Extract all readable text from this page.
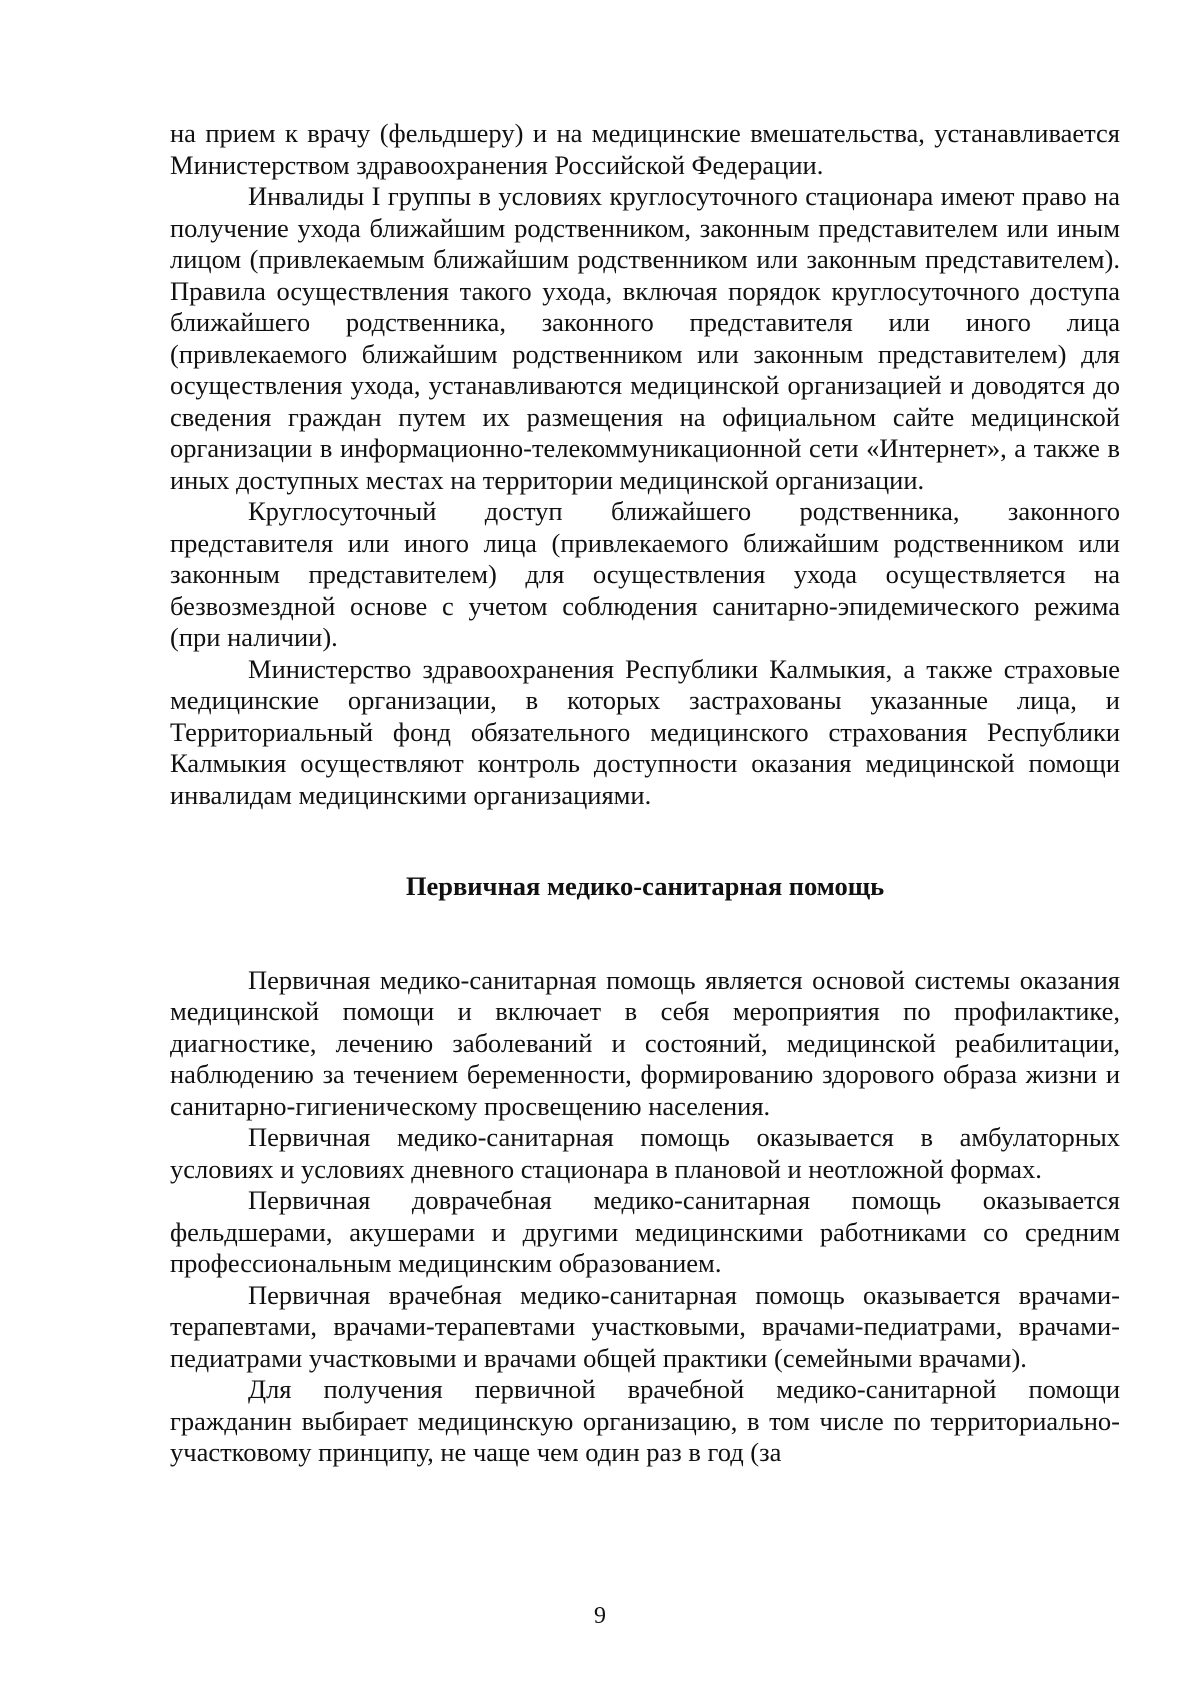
на прием к врачу (фельдшеру) и на медицинские вмешательства, устанавливается Министерством здравоохранения Российской Федерации.

Инвалиды I группы в условиях круглосуточного стационара имеют право на получение ухода ближайшим родственником, законным представителем или иным лицом (привлекаемым ближайшим родственником или законным представителем). Правила осуществления такого ухода, включая порядок круглосуточного доступа ближайшего родственника, законного представителя или иного лица (привлекаемого ближайшим родственником или законным представителем) для осуществления ухода, устанавливаются медицинской организацией и доводятся до сведения граждан путем их размещения на официальном сайте медицинской организации в информационно-телекоммуникационной сети «Интернет», а также в иных доступных местах на территории медицинской организации.

Круглосуточный доступ ближайшего родственника, законного представителя или иного лица (привлекаемого ближайшим родственником или законным представителем) для осуществления ухода осуществляется на безвозмездной основе с учетом соблюдения санитарно-эпидемического режима (при наличии).

Министерство здравоохранения Республики Калмыкия, а также страховые медицинские организации, в которых застрахованы указанные лица, и Территориальный фонд обязательного медицинского страхования Республики Калмыкия осуществляют контроль доступности оказания медицинской помощи инвалидам медицинскими организациями.

Первичная медико-санитарная помощь

Первичная медико-санитарная помощь является основой системы оказания медицинской помощи и включает в себя мероприятия по профилактике, диагностике, лечению заболеваний и состояний, медицинской реабилитации, наблюдению за течением беременности, формированию здорового образа жизни и санитарно-гигиеническому просвещению населения.

Первичная медико-санитарная помощь оказывается в амбулаторных условиях и условиях дневного стационара в плановой и неотложной формах.

Первичная доврачебная медико-санитарная помощь оказывается фельдшерами, акушерами и другими медицинскими работниками со средним профессиональным медицинским образованием.

Первичная врачебная медико-санитарная помощь оказывается врачами-терапевтами, врачами-терапевтами участковыми, врачами-педиатрами, врачами-педиатрами участковыми и врачами общей практики (семейными врачами).

Для получения первичной врачебной медико-санитарной помощи гражданин выбирает медицинскую организацию, в том числе по территориально-участковому принципу, не чаще чем один раз в год (за

9
